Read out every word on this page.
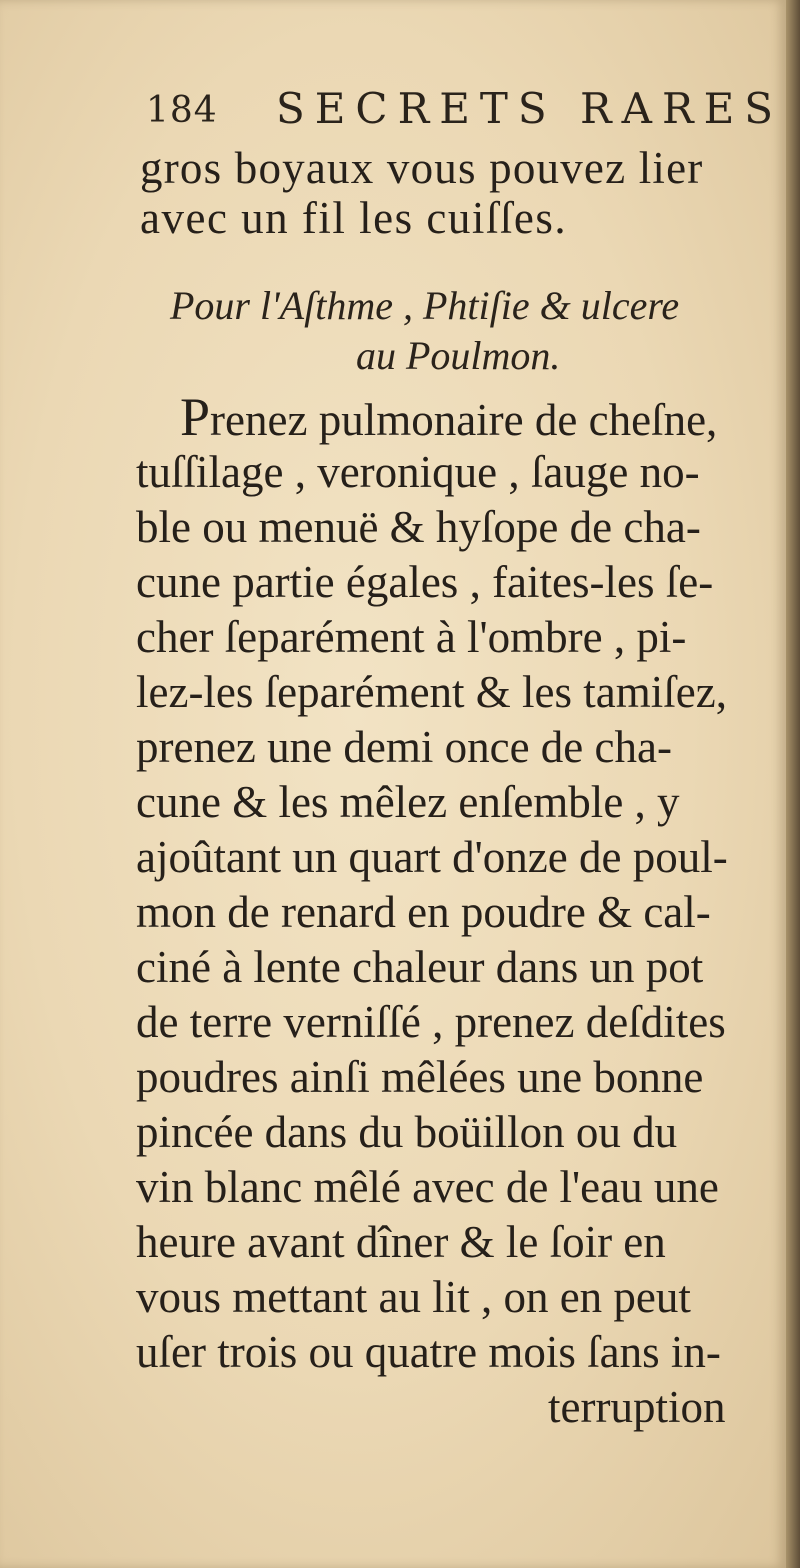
184 SECRETS RARES
gros boyaux vous pouvez lier
avec un fil les cuiſſes.
Pour l'Aſthme , Phtiſie & ulcere
au Poulmon.
Prenez pulmonaire de cheſne,
tuſſilage , veronique , ſauge no-
ble ou menuë & hyſope de cha-
cune partie égales , faites-les ſe-
cher ſeparément à l'ombre , pi-
lez-les ſeparément & les tamiſez,
prenez une demi once de cha-
cune & les mêlez enſemble , y
ajoûtant un quart d'onze de poul-
mon de renard en poudre & cal-
ciné à lente chaleur dans un pot
de terre verniſſé , prenez deſdites
poudres ainſi mêlées une bonne
pincée dans du boüillon ou du
vin blanc mêlé avec de l'eau une
heure avant dîner & le ſoir en
vous mettant au lit , on en peut
uſer trois ou quatre mois ſans in-
terruption
